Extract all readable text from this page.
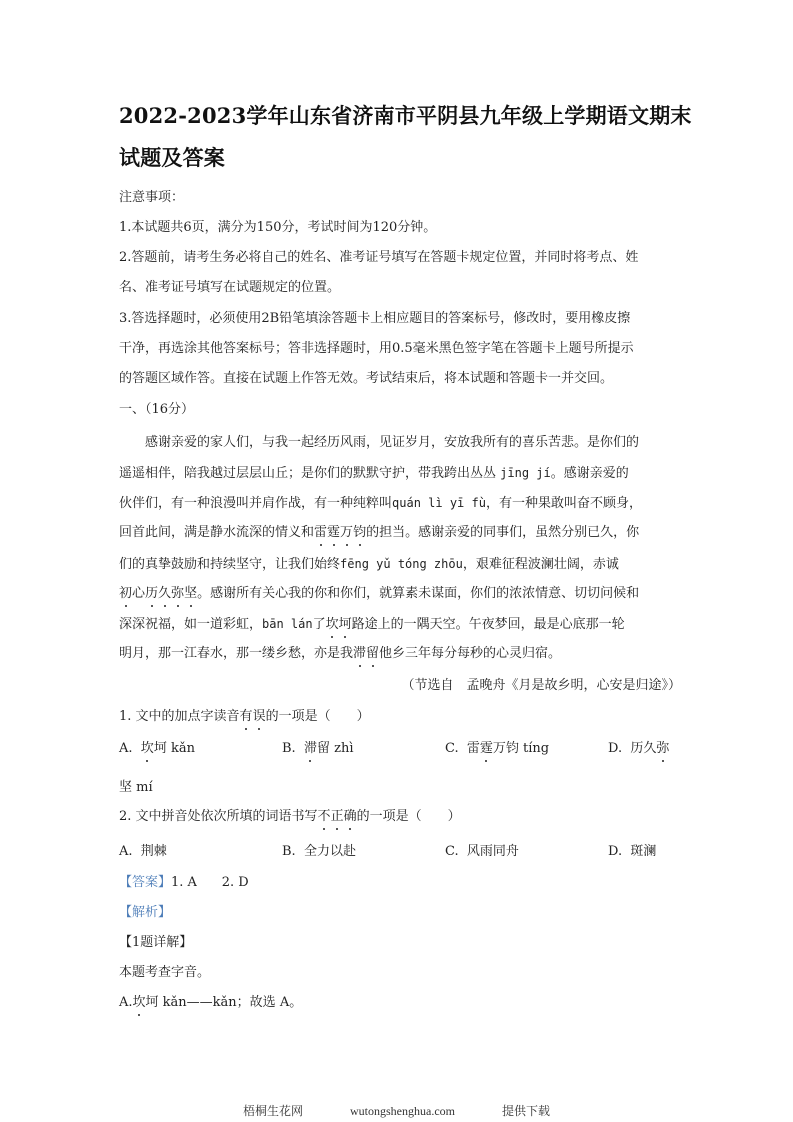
2022-2023学年山东省济南市平阴县九年级上学期语文期末
试题及答案
注意事项：
1.本试题共6页，满分为150分，考试时间为120分钟。
2.答题前，请考生务必将自己的姓名、准考证号填写在答题卡规定位置，并同时将考点、姓
名、准考证号填写在试题规定的位置。
3.答选择题时，必须使用2B铅笔填涂答题卡上相应题目的答案标号，修改时，要用橡皮擦
干净，再选涂其他答案标号；答非选择题时，用0.5毫米黑色签字笔在答题卡上题号所提示
的答题区域作答。直接在试题上作答无效。考试结束后，将本试题和答题卡一并交回。
一、（16分）
感谢亲爱的家人们，与我一起经历风雨，见证岁月，安放我所有的喜乐苦悲。是你们的
遥遥相伴，陪我越过层层山丘；是你们的默默守护，带我跨出丛丛 jīng jí。感谢亲爱的
伙伴们，有一种浪漫叫并肩作战，有一种纯粹叫quán lì yī fù，有一种果敢叫奋不顾身，
回首此间，满是静水流深的情义和雷霆万钧的担当。感谢亲爱的同事们，虽然分别已久，你
们的真挚鼓励和持续坚守，让我们始终fēng yǔ tóng zhōu，艰难征程波澜壮阔，赤诚
初心历久弥坚。感谢所有关心我的你和你们，就算素未谋面，你们的浓浓情意、切切问候和
深深祝福，如一道彩虹，bān lán了坎坷路途上的一隅天空。午夜梦回，最是心底那一轮
明月，那一江春水，那一缕乡愁，亦是我滞留他乡三年每分每秒的心灵归宿。
（节选自　孟晚舟《月是故乡明，心安是归途》）
1. 文中的加点字读音有误的一项是（　　）
A. 坎坷 kǎn	B. 滞留 zhì	C. 雷霆万钧 tíng	D. 历久弥
坚 mí
2. 文中拼音处依次所填的词语书写不正确的一项是（　　）
A. 荆棘	B. 全力以赴	C. 风雨同舟	D. 斑澜
【答案】1. A 2. D
【解析】
【1题详解】
本题考查字音。
A.坎坷 kǎn——kǎn；故选 A。
梧桐生花网	wutongshenghua.com	提供下载
